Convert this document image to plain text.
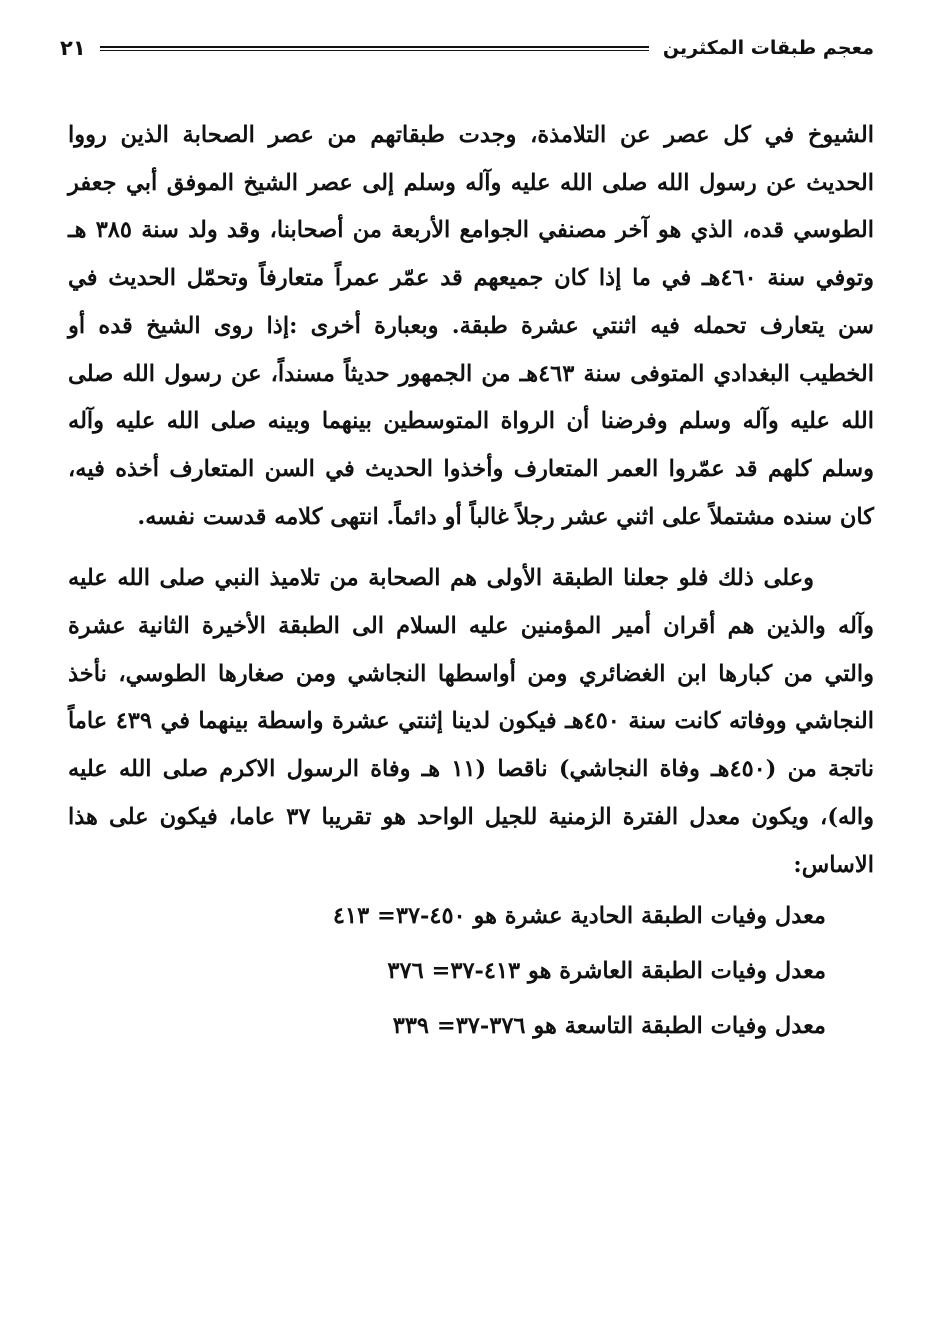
معجم طبقات المكثرين
٢١

الشيوخ في كل عصر عن التلامذة، وجدت طبقاتهم من عصر الصحابة الذين رووا الحديث عن رسول الله صلى الله عليه وآله وسلم إلى عصر الشيخ الموفق أبي جعفر الطوسي قده، الذي هو آخر مصنفي الجوامع الأربعة من أصحابنا، وقد ولد سنة ٣٨٥ هـ وتوفي سنة ٤٦٠هـ في ما إذا كان جميعهم قد عمّر عمراً متعارفاً وتحمّل الحديث في سن يتعارف تحمله فيه اثنتي عشرة طبقة. وبعبارة أخرى :إذا روى الشيخ قده أو الخطيب البغدادي المتوفى سنة ٤٦٣هـ من الجمهور حديثاً مسنداً، عن رسول الله صلى الله عليه وآله وسلم وفرضنا أن الرواة المتوسطين بينهما وبينه صلى الله عليه وآله وسلم كلهم قد عمّروا العمر المتعارف وأخذوا الحديث في السن المتعارف أخذه فيه، كان سنده مشتملاً على اثني عشر رجلاً غالباً أو دائماً. انتهى كلامه قدست نفسه.

وعلى ذلك فلو جعلنا الطبقة الأولى هم الصحابة من تلاميذ النبي صلى الله عليه وآله والذين هم أقران أمير المؤمنين عليه السلام الى الطبقة الأخيرة الثانية عشرة والتي من كبارها ابن الغضائري ومن أواسطها النجاشي ومن صغارها الطوسي، نأخذ النجاشي ووفاته كانت سنة ٤٥٠هـ فيكون لدينا إثنتي عشرة واسطة بينهما في ٤٣٩ عاماً ناتجة من (٤٥٠هـ وفاة النجاشي) ناقصا (١١ هـ وفاة الرسول الاكرم صلى الله عليه واله)، ويكون معدل الفترة الزمنية للجيل الواحد هو تقريبا ٣٧ عاما، فيكون على هذا الاساس:

معدل وفيات الطبقة الحادية عشرة هو ٤٥٠-٣٧= ٤١٣
معدل وفيات الطبقة العاشرة هو ٤١٣-٣٧= ٣٧٦
معدل وفيات الطبقة التاسعة هو ٣٧٦-٣٧= ٣٣٩
